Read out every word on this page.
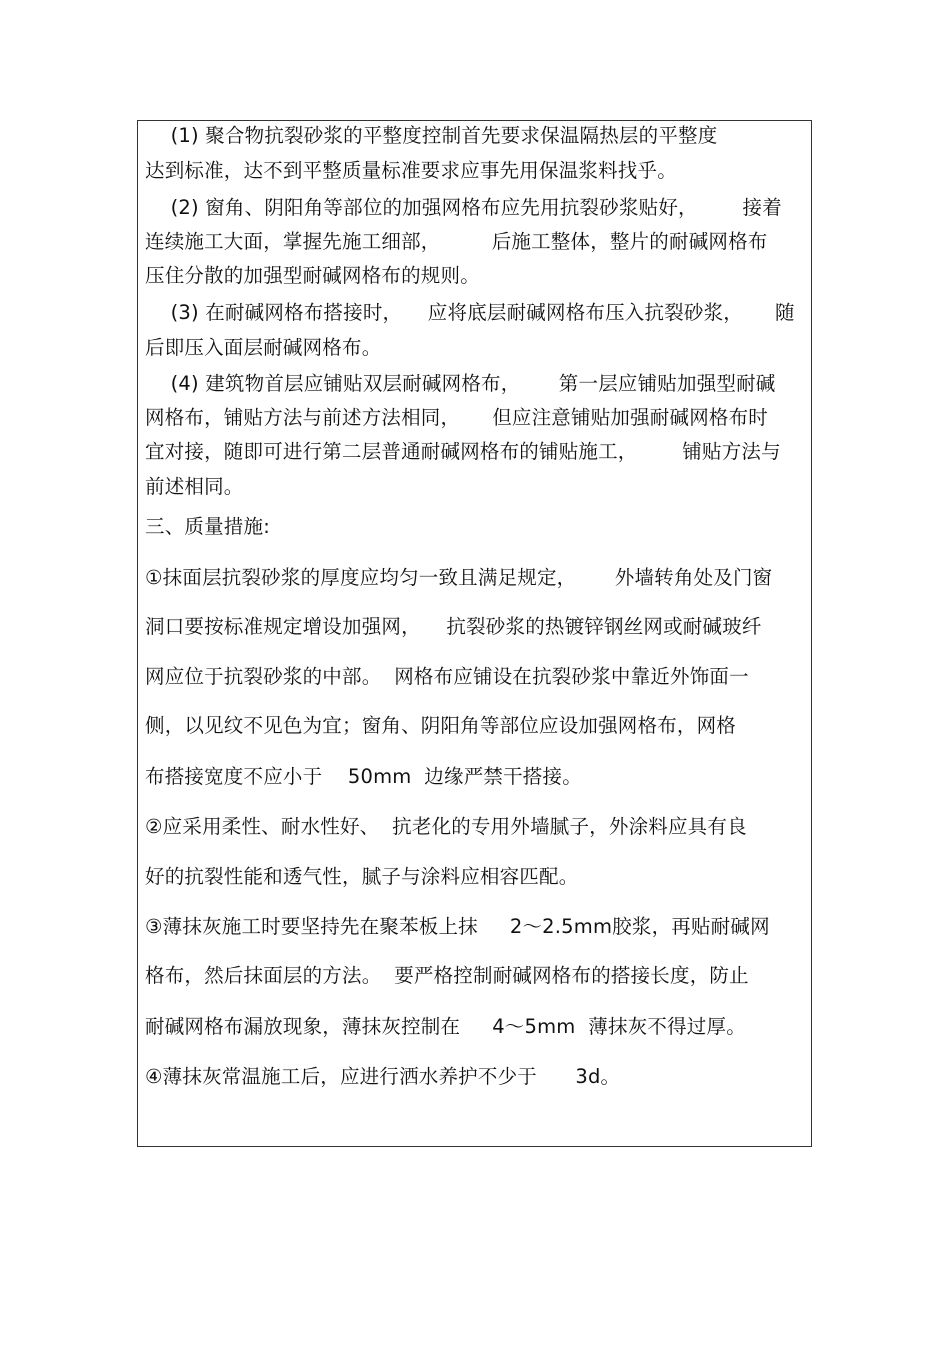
(1) 聚合物抗裂砂浆的平整度控制首先要求保温隔热层的平整度
达到标准，达不到平整质量标准要求应事先用保温浆料找乎。
(2) 窗角、阴阳角等部位的加强网格布应先用抗裂砂浆贴好，       接着
连续施工大面，掌握先施工细部，        后施工整体，整片的耐碱网格布
压住分散的加强型耐碱网格布的规则。
(3) 在耐碱网格布搭接时，    应将底层耐碱网格布压入抗裂砂浆，     随
后即压入面层耐碱网格布。
(4) 建筑物首层应铺贴双层耐碱网格布，      第一层应铺贴加强型耐碱
网格布，铺贴方法与前述方法相同，     但应注意铺贴加强耐碱网格布时
宜对接，随即可进行第二层普通耐碱网格布的铺贴施工，       铺贴方法与
前述相同。
三、质量措施:
①抹面层抗裂砂浆的厚度应均匀一致且满足规定，      外墙转角处及门窗
洞口要按标准规定增设加强网，    抗裂砂浆的热镀锌钢丝网或耐碱玻纤
网应位于抗裂砂浆的中部。  网格布应铺设在抗裂砂浆中靠近外饰面一
侧，以见纹不见色为宜；窗角、阴阳角等部位应设加强网格布，网格
布搭接宽度不应小于    50mm  边缘严禁干搭接。
②应采用柔性、耐水性好、  抗老化的专用外墙腻子，外涂料应具有良
好的抗裂性能和透气性，腻子与涂料应相容匹配。
③薄抹灰施工时要坚持先在聚苯板上抹     2～2.5mm胶浆，再贴耐碱网
格布，然后抹面层的方法。  要严格控制耐碱网格布的搭接长度，防止
耐碱网格布漏放现象，薄抹灰控制在     4～5mm  薄抹灰不得过厚。
④薄抹灰常温施工后，应进行洒水养护不少于      3d。
